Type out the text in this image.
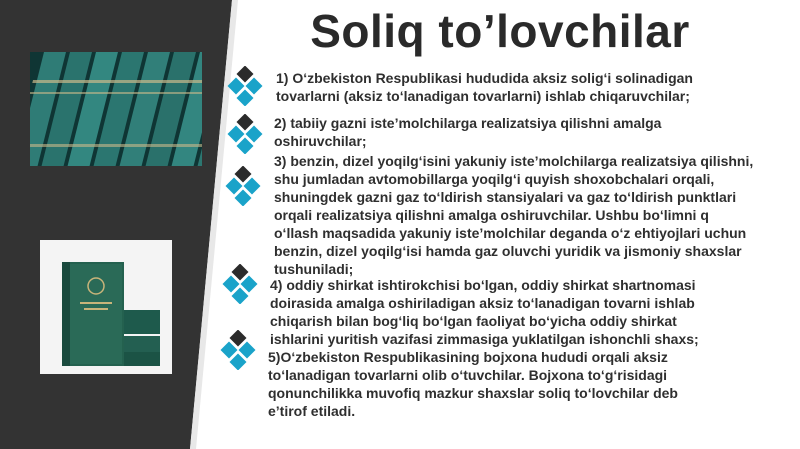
Soliq to’lovchilar

1) O‘zbekiston Respublikasi hududida aksiz solig‘i solinadigan
tovarlarni (aksiz to‘lanadigan tovarlarni) ishlab chiqaruvchilar;

2) tabiiy gazni iste’molchilarga realizatsiya qilishni amalga
oshiruvchilar;

3) benzin, dizel yoqilg‘isini yakuniy iste’molchilarga realizatsiya qilishni,
shu jumladan avtomobillarga yoqilg‘i quyish shoxobchalari orqali,
shuningdek gazni gaz to‘ldirish stansiyalari va gaz to‘ldirish punktlari
orqali realizatsiya qilishni amalga oshiruvchilar. Ushbu bo‘limni q
o‘llash maqsadida yakuniy iste’molchilar deganda o‘z ehtiyojlari uchun
benzin, dizel yoqilg‘isi hamda gaz oluvchi yuridik va jismoniy shaxslar
tushuniladi;

4) oddiy shirkat ishtirokchisi bo‘lgan, oddiy shirkat shartnomasi
doirasida amalga oshiriladigan aksiz to‘lanadigan tovarni ishlab
chiqarish bilan bog‘liq bo‘lgan faoliyat bo‘yicha oddiy shirkat
ishlarini yuritish vazifasi zimmasiga yuklatilgan ishonchli shaxs;

5)O‘zbekiston Respublikasining bojxona hududi orqali aksiz
to‘lanadigan tovarlarni olib o‘tuvchilar. Bojxona to‘g‘risidagi
qonunchilikka muvofiq mazkur shaxslar soliq to‘lovchilar deb
e’tirof etiladi.
